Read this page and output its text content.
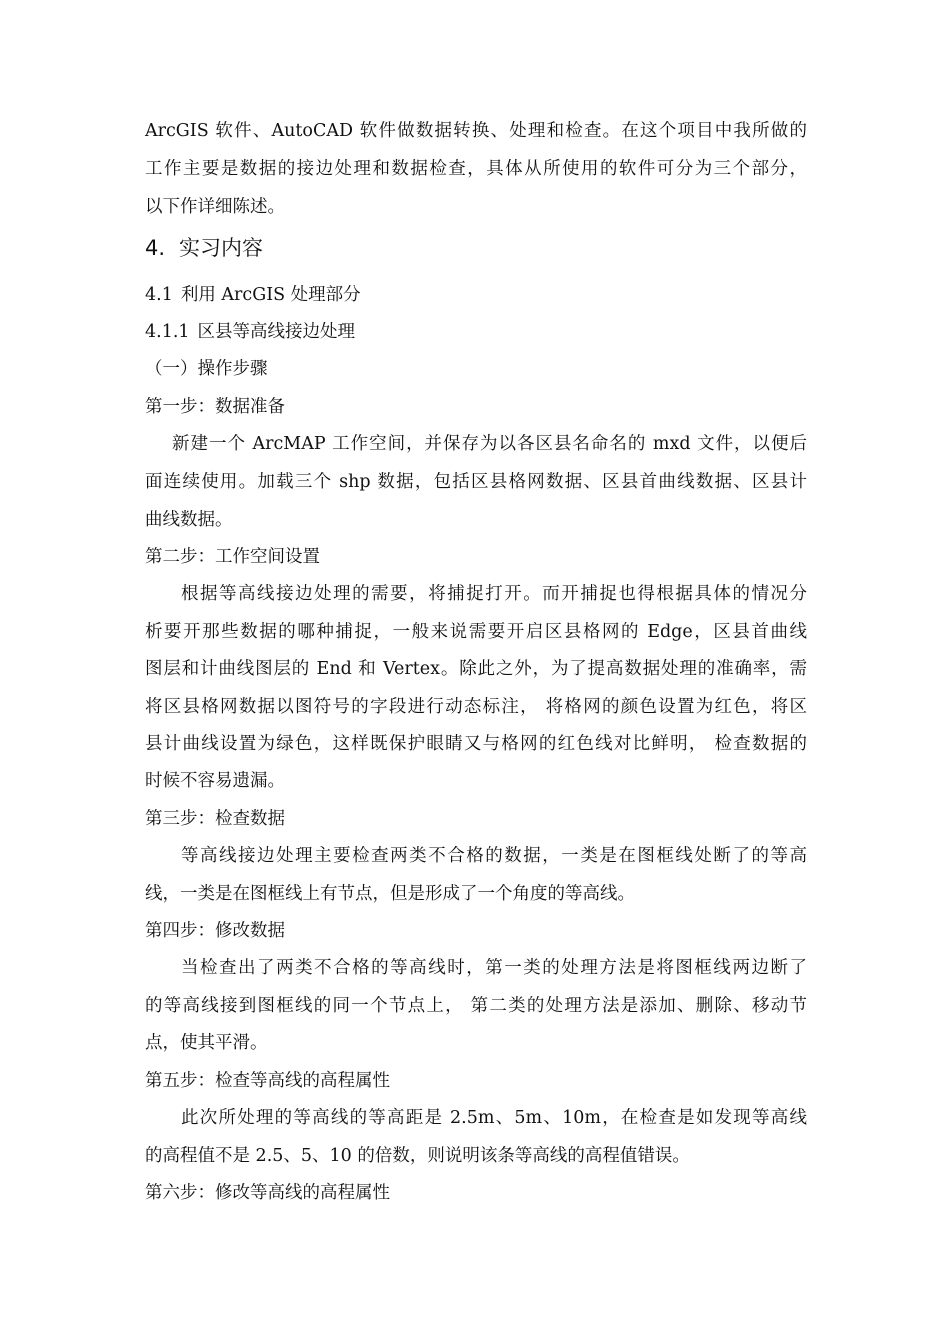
ArcGIS 软件、AutoCAD 软件做数据转换、处理和检查。在这个项目中我所做的
工作主要是数据的接边处理和数据检查，具体从所使用的软件可分为三个部分，
以下作详细陈述。
4. 实习内容
4.1 利用 ArcGIS 处理部分
4.1.1 区县等高线接边处理
（一）操作步骤
第一步：数据准备
新建一个 ArcMAP 工作空间，并保存为以各区县名命名的 mxd 文件，以便后
面连续使用。加载三个 shp 数据，包括区县格网数据、区县首曲线数据、区县计
曲线数据。
第二步：工作空间设置
根据等高线接边处理的需要，将捕捉打开。而开捕捉也得根据具体的情况分
析要开那些数据的哪种捕捉，一般来说需要开启区县格网的 Edge，区县首曲线
图层和计曲线图层的 End 和 Vertex。除此之外，为了提高数据处理的准确率，需
将区县格网数据以图符号的字段进行动态标注， 将格网的颜色设置为红色，将区
县计曲线设置为绿色，这样既保护眼睛又与格网的红色线对比鲜明， 检查数据的
时候不容易遗漏。
第三步：检查数据
等高线接边处理主要检查两类不合格的数据，一类是在图框线处断了的等高
线，一类是在图框线上有节点，但是形成了一个角度的等高线。
第四步：修改数据
当检查出了两类不合格的等高线时，第一类的处理方法是将图框线两边断了
的等高线接到图框线的同一个节点上， 第二类的处理方法是添加、删除、移动节
点，使其平滑。
第五步：检查等高线的高程属性
此次所处理的等高线的等高距是 2.5m、5m、10m，在检查是如发现等高线
的高程值不是 2.5、5、10 的倍数，则说明该条等高线的高程值错误。
第六步：修改等高线的高程属性
